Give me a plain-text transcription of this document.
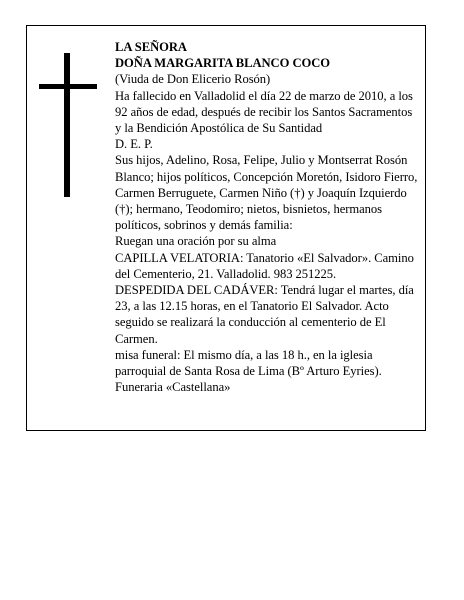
LA SEÑORA

DOÑA MARGARITA BLANCO COCO

(Viuda de Don Elicerio Rosón)

Ha fallecido en Valladolid el día 22 de marzo de 2010, a los 92 años de edad, después de recibir los Santos Sacramentos y la Bendición Apostólica de Su Santidad

D. E. P.

Sus hijos, Adelino, Rosa, Felipe, Julio y Montserrat Rosón Blanco; hijos políticos, Concepción Moretón, Isidoro Fierro, Carmen Berruguete, Carmen Niño (†) y Joaquín Izquierdo (†); hermano, Teodomiro; nietos, bisnietos, hermanos políticos, sobrinos y demás familia:

Ruegan una oración por su alma

CAPILLA VELATORIA: Tanatorio «El Salvador». Camino del Cementerio, 21. Valladolid. 983 251225.

DESPEDIDA DEL CADÁVER: Tendrá lugar el martes, día 23, a las 12.15 horas, en el Tanatorio El Salvador. Acto seguido se realizará la conducción al cementerio de El Carmen.

misa funeral: El mismo día, a las 18 h., en la iglesia parroquial de Santa Rosa de Lima (Bº Arturo Eyries).

Funeraria «Castellana»
